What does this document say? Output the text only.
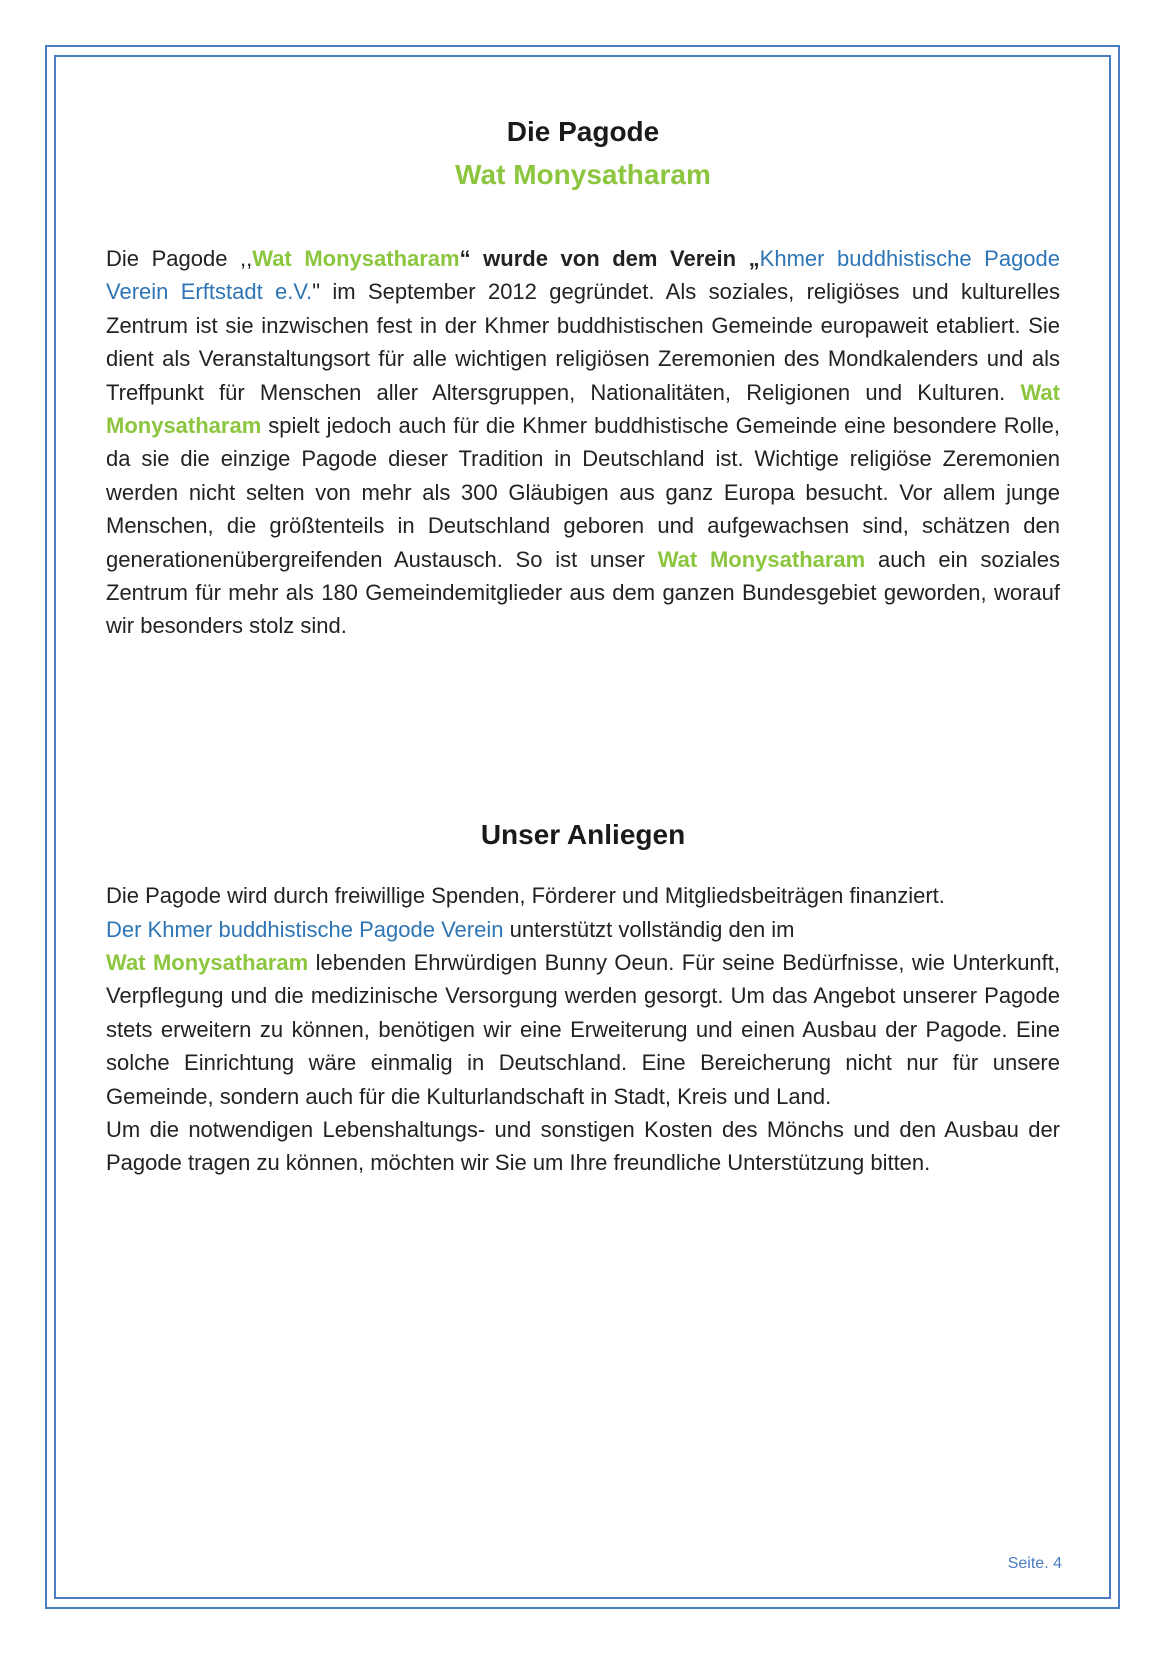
Die Pagode
Wat Monysatharam

Die Pagode ,,Wat Monysatharam“ wurde von dem Verein „Khmer buddhistische Pagode Verein Erftstadt e.V." im September 2012 gegründet. Als soziales, religiöses und kulturelles Zentrum ist sie inzwischen fest in der Khmer buddhistischen Gemeinde europaweit etabliert. Sie dient als Veranstaltungsort für alle wichtigen religiösen Zeremonien des Mondkalenders und als Treffpunkt für Menschen aller Altersgruppen, Nationalitäten, Religionen und Kulturen. Wat Monysatharam spielt jedoch auch für die Khmer buddhistische Gemeinde eine besondere Rolle, da sie die einzige Pagode dieser Tradition in Deutschland ist. Wichtige religiöse Zeremonien werden nicht selten von mehr als 300 Gläubigen aus ganz Europa besucht. Vor allem junge Menschen, die größtenteils in Deutschland geboren und aufgewachsen sind, schätzen den generationenübergreifenden Austausch. So ist unser Wat Monysatharam auch ein soziales Zentrum für mehr als 180 Gemeindemitglieder aus dem ganzen Bundesgebiet geworden, worauf wir besonders stolz sind.

Unser Anliegen

Die Pagode wird durch freiwillige Spenden, Förderer und Mitgliedsbeiträgen finanziert.

Der Khmer buddhistische Pagode Verein unterstützt vollständig den im

Wat Monysatharam lebenden Ehrwürdigen Bunny Oeun. Für seine Bedürfnisse, wie Unterkunft, Verpflegung und die medizinische Versorgung werden gesorgt. Um das Angebot unserer Pagode stets erweitern zu können, benötigen wir eine Erweiterung und einen Ausbau der Pagode. Eine solche Einrichtung wäre einmalig in Deutschland. Eine Bereicherung nicht nur für unsere Gemeinde, sondern auch für die Kulturlandschaft in Stadt, Kreis und Land.

Um die notwendigen Lebenshaltungs- und sonstigen Kosten des Mönchs und den Ausbau der Pagode tragen zu können, möchten wir Sie um Ihre freundliche Unterstützung bitten.

Seite. 4
